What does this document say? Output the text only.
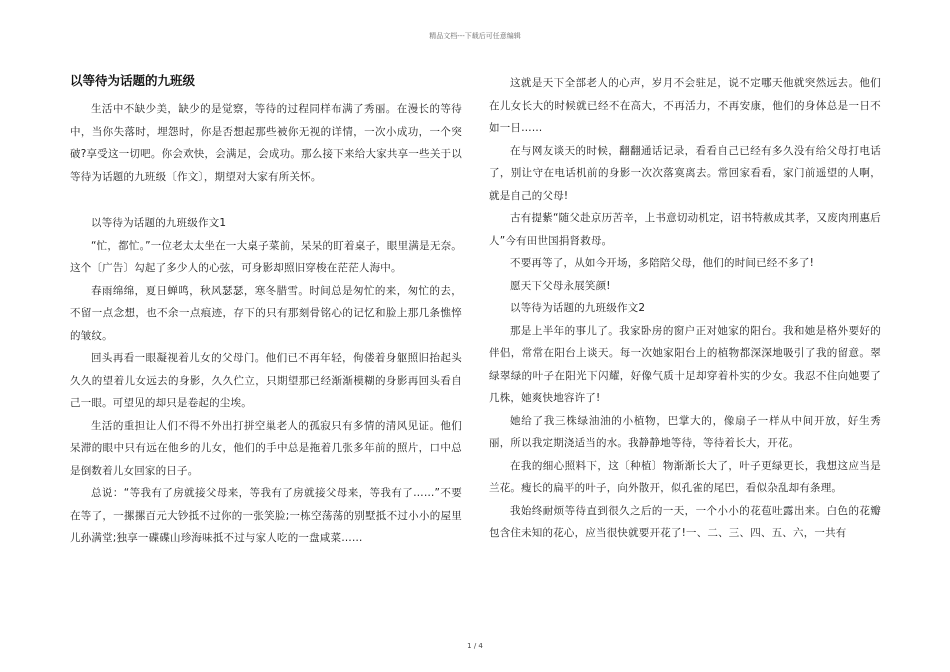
精品文档---下载后可任意编辑
以等待为话题的九班级

生活中不缺少美，缺少的是觉察，等待的过程同样布满了秀丽。在漫长的等待中，当你失落时，埋怨时，你是否想起那些被你无视的详情，一次小成功，一个突破?享受这一切吧。你会欢快，会满足，会成功。那么接下来给大家共享一些关于以等待为话题的九班级〔作文〕，期望对大家有所关怀。

以等待为话题的九班级作文1

“忙，都忙。”一位老太太坐在一大桌子菜前，呆呆的盯着桌子，眼里满是无奈。这个〔广告〕勾起了多少人的心弦，可身影却照旧穿梭在茫茫人海中。

春雨绵绵，夏日蝉鸣，秋风瑟瑟，寒冬腊雪。时间总是匆忙的来，匆忙的去，不留一点念想，也不余一点痕迹，存下的只有那刻骨铭心的记忆和脸上那几条憔悴的皱纹。

回头再看一眼凝视着儿女的父母门。他们已不再年轻，佝偻着身躯照旧抬起头久久的望着儿女远去的身影，久久伫立，只期望那已经渐渐模糊的身影再回头看自己一眼。可望见的却只是卷起的尘埃。

生活的重担让人们不得不外出打拼空巢老人的孤寂只有多情的清风见证。他们呆滞的眼中只有远在他乡的儿女，他们的手中总是拖着几张多年前的照片，口中总是倒数着儿女回家的日子。

总说：“等我有了房就接父母来，等我有了房就接父母来，等我有了……”不要在等了，一摞摞百元大钞抵不过你的一张笑脸;一栋空荡荡的别墅抵不过小小的屋里儿孙满堂;独享一碟碟山珍海味抵不过与家人吃的一盘咸菜……

这就是天下全部老人的心声，岁月不会驻足，说不定哪天他就突然远去。他们在儿女长大的时候就已经不在高大，不再活力，不再安康，他们的身体总是一日不如一日……

在与网友谈天的时候，翻翻通话记录，看看自己已经有多久没有给父母打电话了，别让守在电话机前的身影一次次落寞离去。常回家看看，家门前遥望的人啊，就是自己的父母!

古有提紫“随父赴京历苦辛，上书意切动机定，诏书特赦成其孝，又废肉刑惠后人”今有田世国捐肾救母。

不要再等了，从如今开场，多陪陪父母，他们的时间已经不多了!

愿天下父母永展笑颜!

以等待为话题的九班级作文2

那是上半年的事儿了。我家卧房的窗户正对她家的阳台。我和她是格外要好的伴侣，常常在阳台上谈天。每一次她家阳台上的植物都深深地吸引了我的留意。翠绿翠绿的叶子在阳光下闪耀，好像气质十足却穿着朴实的少女。我忍不住向她要了几株，她爽快地容许了!

她给了我三株绿油油的小植物，巴掌大的，像扇子一样从中间开放，好生秀丽，所以我定期浇适当的水。我静静地等待，等待着长大，开花。

在我的细心照料下，这〔种植〕物渐渐长大了，叶子更绿更长，我想这应当是兰花。瘦长的扁平的叶子，向外散开，似孔雀的尾巴，看似杂乱却有条理。

我始终耐烦等待直到很久之后的一天，一个小小的花苞吐露出来。白色的花瓣包含住未知的花心，应当很快就要开花了!一、二、三、四、五、六，一共有

1 / 4
